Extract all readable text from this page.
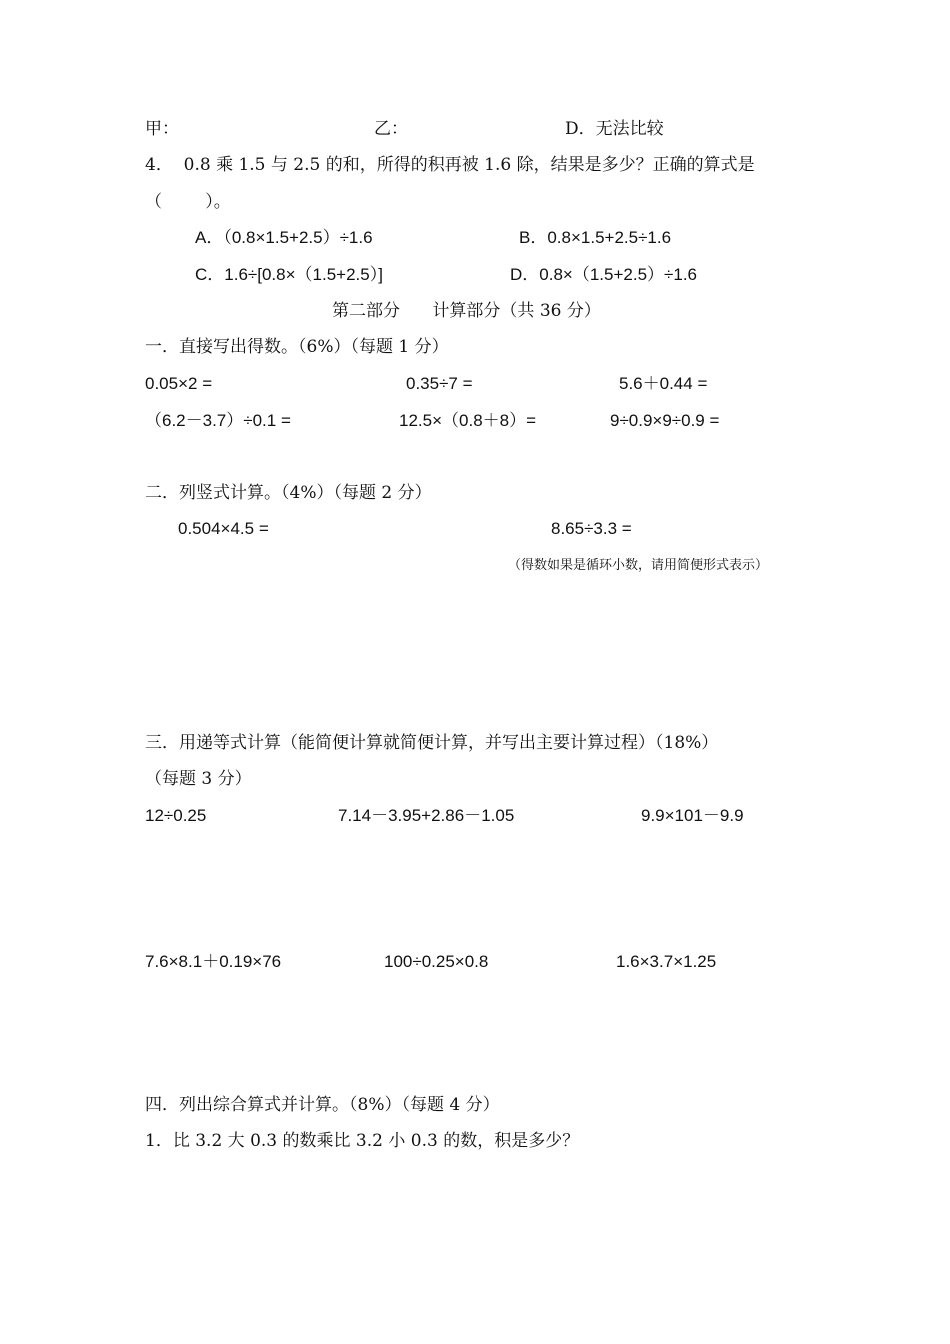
甲：	乙：	D．无法比较
4．  0.8 乘 1.5 与 2.5 的和，所得的积再被 1.6 除，结果是多少？正确的算式是
（        ）。
A．（0.8×1.5+2.5）÷1.6	B．0.8×1.5+2.5÷1.6
C．1.6÷[0.8×（1.5+2.5）]	D．0.8×（1.5+2.5）÷1.6
第二部分      计算部分（共 36 分）
一．直接写出得数。（6%）（每题 1 分）
0.05×2 =	0.35÷7 =	5.6＋0.44 =
（6.2－3.7）÷0.1 =	12.5×（0.8＋8）=	9÷0.9×9÷0.9 =
二．列竖式计算。（4%）（每题 2 分）
0.504×4.5 =	8.65÷3.3 =
（得数如果是循环小数，请用简便形式表示）
三．用递等式计算（能简便计算就简便计算，并写出主要计算过程）（18%）
（每题 3 分）
12÷0.25	7.14－3.95+2.86－1.05	9.9×101－9.9
7.6×8.1＋0.19×76	100÷0.25×0.8	1.6×3.7×1.25
四．列出综合算式并计算。（8%）（每题 4 分）
1．比 3.2 大 0.3 的数乘比 3.2 小 0.3 的数，积是多少？
